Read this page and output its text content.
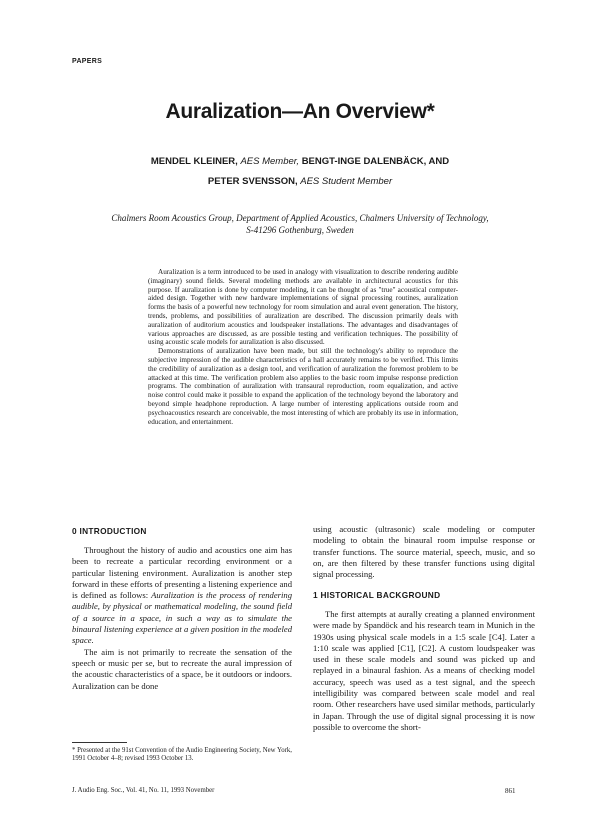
PAPERS
Auralization—An Overview*
MENDEL KLEINER, AES Member, BENGT-INGE DALENBÄCK, AND
PETER SVENSSON, AES Student Member
Chalmers Room Acoustics Group, Department of Applied Acoustics, Chalmers University of Technology,
S-41296 Gothenburg, Sweden

Auralization is a term introduced to be used in analogy with visualization to describe rendering audible (imaginary) sound fields. Several modeling methods are available in architectural acoustics for this purpose. If auralization is done by computer modeling, it can be thought of as "true" acoustical computer-aided design. Together with new hardware implementations of signal processing routines, auralization forms the basis of a powerful new technology for room simulation and aural event generation. The history, trends, problems, and possibilities of auralization are described. The discussion primarily deals with auralization of auditorium acoustics and loudspeaker installations. The advantages and disadvantages of various approaches are discussed, as are possible testing and verification techniques. The possibility of using acoustic scale models for auralization is also discussed.

Demonstrations of auralization have been made, but still the technology's ability to reproduce the subjective impression of the audible characteristics of a hall accurately remains to be verified. This limits the credibility of auralization as a design tool, and verification of auralization the foremost problem to be attacked at this time. The verification problem also applies to the basic room impulse response prediction programs. The combination of auralization with transaural reproduction, room equalization, and active noise control could make it possible to expand the application of the technology beyond the laboratory and beyond simple headphone reproduction. A large number of interesting applications outside room and psychoacoustics research are conceivable, the most interesting of which are probably its use in information, education, and entertainment.

0 INTRODUCTION

Throughout the history of audio and acoustics one aim has been to recreate a particular recording environment or a particular listening environment. Auralization is another step forward in these efforts of presenting a listening experience and is defined as follows: Auralization is the process of rendering audible, by physical or mathematical modeling, the sound field of a source in a space, in such a way as to simulate the binaural listening experience at a given position in the modeled space.

The aim is not primarily to recreate the sensation of the speech or music per se, but to recreate the aural impression of the acoustic characteristics of a space, be it outdoors or indoors. Auralization can be done

* Presented at the 91st Convention of the Audio Engineering Society, New York, 1991 October 4–8; revised 1993 October 13.

using acoustic (ultrasonic) scale modeling or computer modeling to obtain the binaural room impulse response or transfer functions. The source material, speech, music, and so on, are then filtered by these transfer functions using digital signal processing.

1 HISTORICAL BACKGROUND

The first attempts at aurally creating a planned environment were made by Spandöck and his research team in Munich in the 1930s using physical scale models in a 1:5 scale [C4]. Later a 1:10 scale was applied [C1], [C2]. A custom loudspeaker was used in these scale models and sound was picked up and replayed in a binaural fashion. As a means of checking model accuracy, speech was used as a test signal, and the speech intelligibility was compared between scale model and real room. Other researchers have used similar methods, particularly in Japan. Through the use of digital signal processing it is now possible to overcome the short-

J. Audio Eng. Soc., Vol. 41, No. 11, 1993 November	861
